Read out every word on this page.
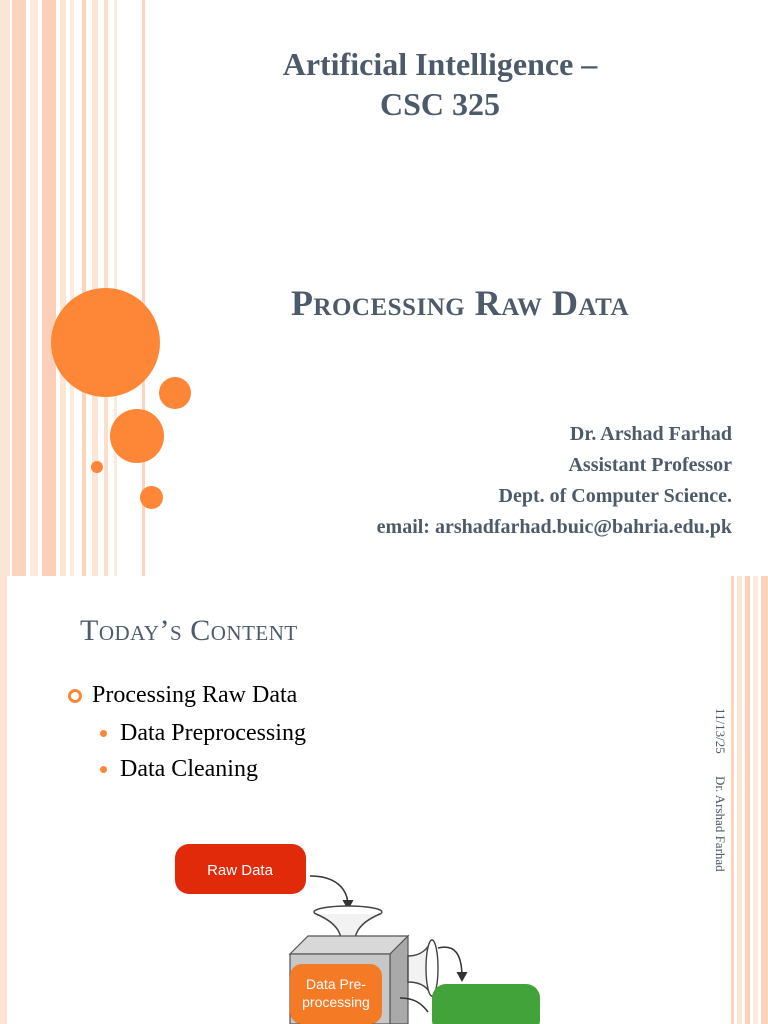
Artificial Intelligence –
CSC 325
Processing Raw Data
Dr. Arshad Farhad
Assistant Professor
Dept. of Computer Science.
email: arshadfarhad.buic@bahria.edu.pk
Today’s Content
Processing Raw Data
Data Preprocessing
Data Cleaning
11/13/25
Dr. Arshad Farhad
Raw Data
Data Pre-
processing
